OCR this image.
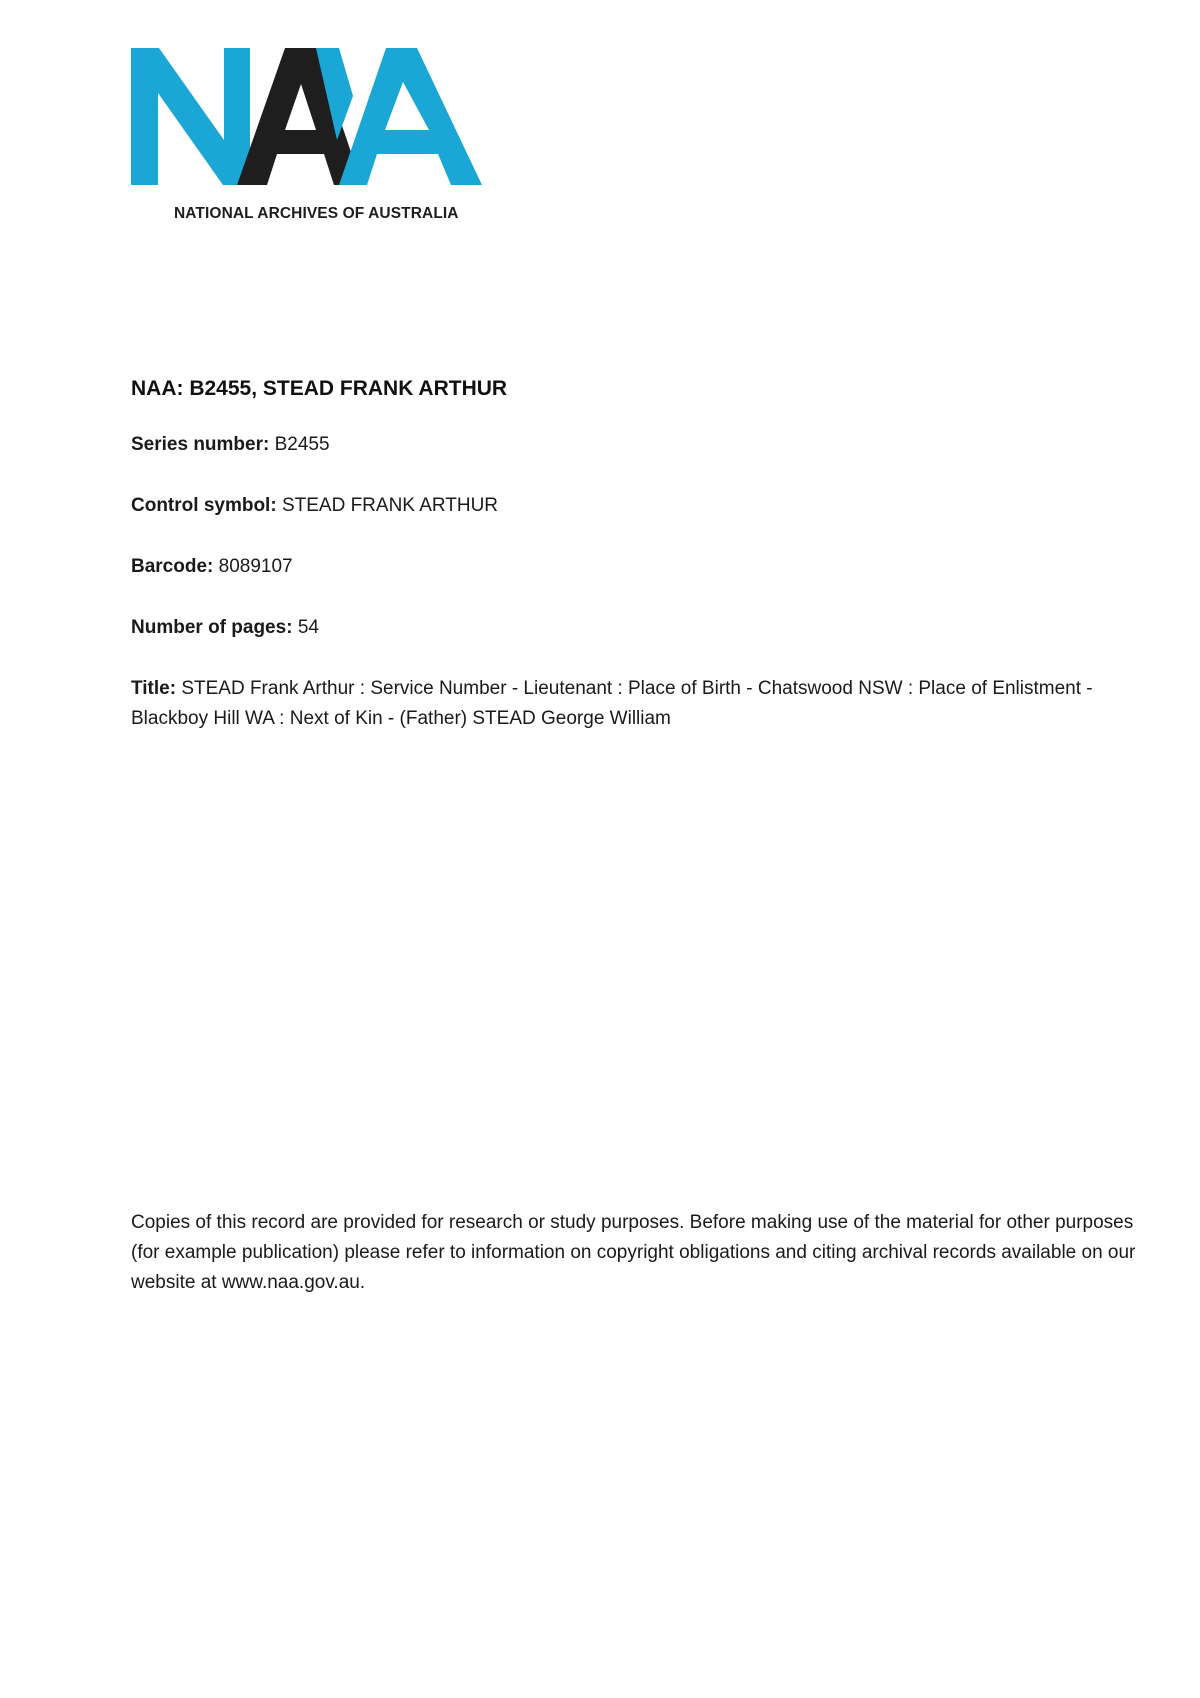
NATIONAL ARCHIVES OF AUSTRALIA
NAA: B2455, STEAD FRANK ARTHUR
Series number: B2455
Control symbol: STEAD FRANK ARTHUR
Barcode: 8089107
Number of pages: 54
Title: STEAD Frank Arthur : Service Number - Lieutenant : Place of Birth - Chatswood NSW : Place of Enlistment - Blackboy Hill WA : Next of Kin - (Father) STEAD George William
Copies of this record are provided for research or study purposes. Before making use of the material for other purposes (for example publication) please refer to information on copyright obligations and citing archival records available on our website at www.naa.gov.au.
